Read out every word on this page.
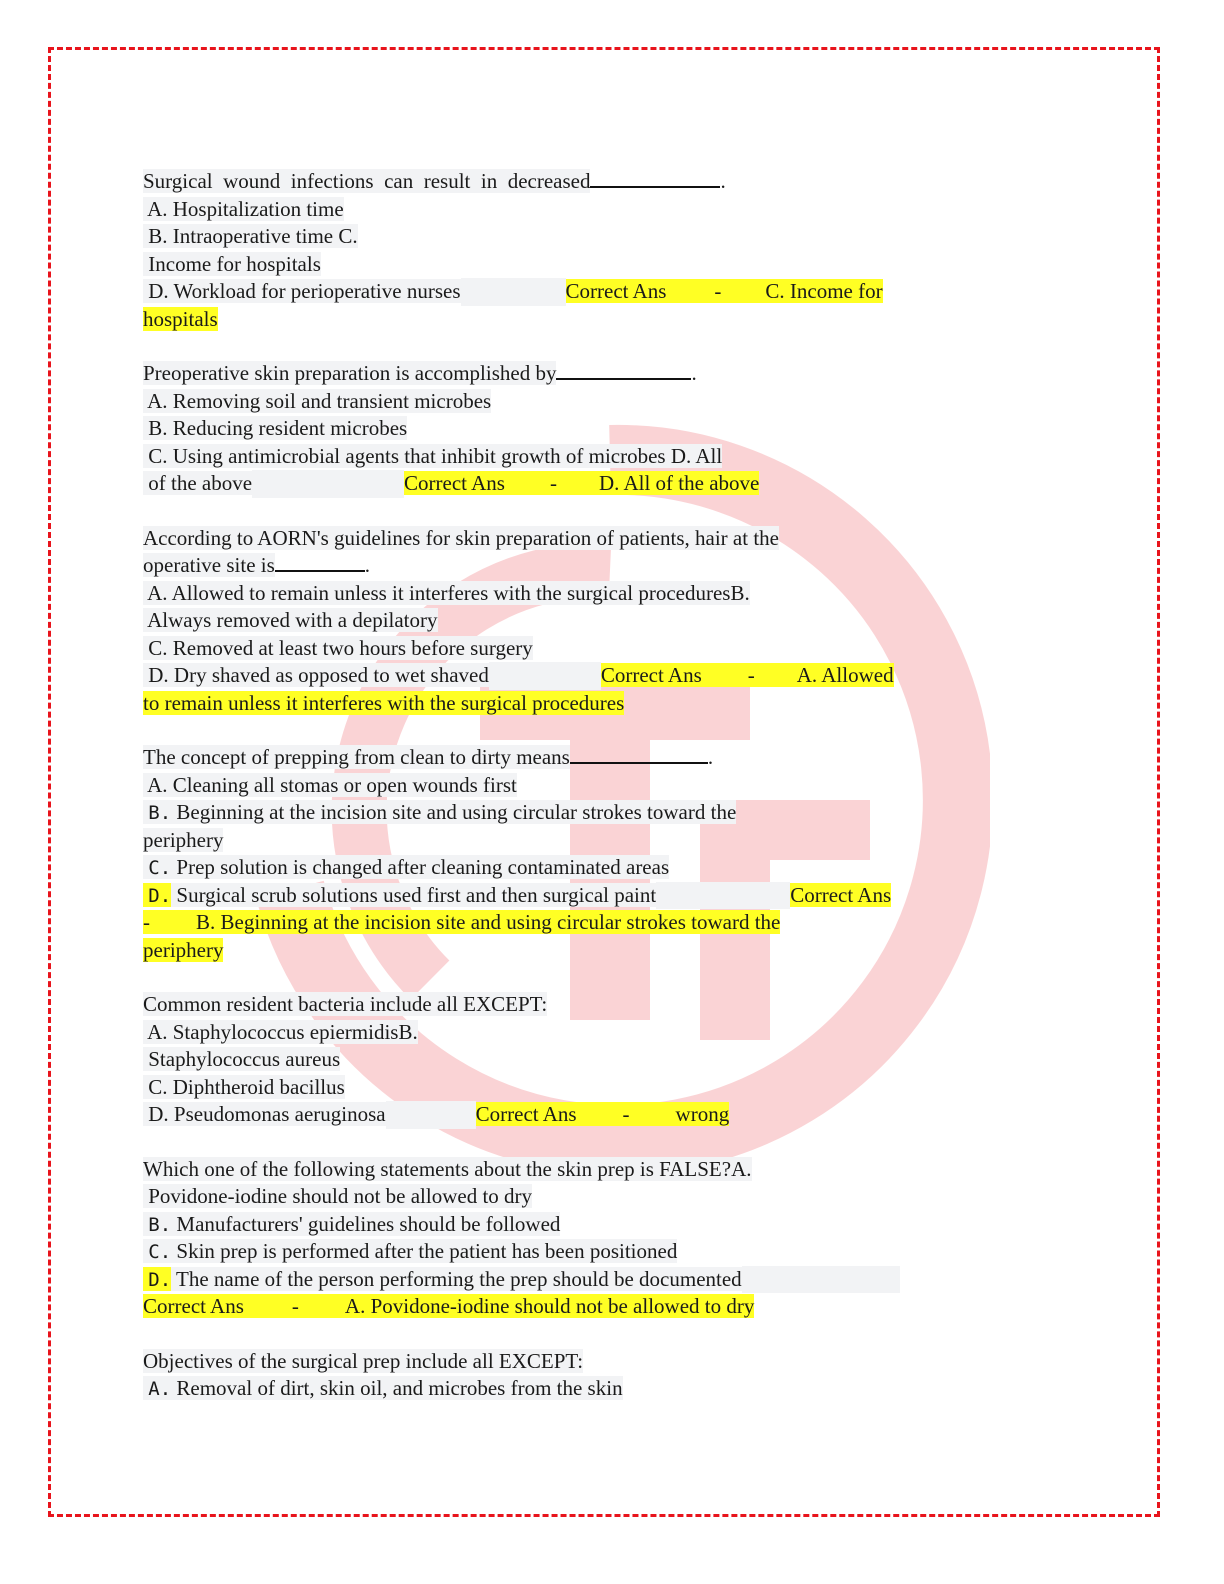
Surgical  wound  infections  can  result  in  decreased	.
A. Hospitalization time
B. Intraoperative time C.
Income for hospitals
D. Workload for perioperative nurses	Correct Ans - C. Income for
hospitals
Preoperative skin preparation is accomplished by	.
A. Removing soil and transient microbes
B. Reducing resident microbes
C. Using antimicrobial agents that inhibit growth of microbes D. All
of the above	Correct Ans - D. All of the above
According to AORN's guidelines for skin preparation of patients, hair at the
operative site is	.
A. Allowed to remain unless it interferes with the surgical proceduresB.
Always removed with a depilatory
C. Removed at least two hours before surgery
D. Dry shaved as opposed to wet shaved	Correct Ans - A. Allowed
to remain unless it interferes with the surgical procedures
The concept of prepping from clean to dirty means	.
A. Cleaning all stomas or open wounds first
B. Beginning at the incision site and using circular strokes toward the
periphery
C. Prep solution is changed after cleaning contaminated areas
D. Surgical scrub solutions used first and then surgical paint	Correct Ans
- B. Beginning at the incision site and using circular strokes toward the
periphery
Common resident bacteria include all EXCEPT:
A. Staphylococcus epiermidisB.
Staphylococcus aureus
C. Diphtheroid bacillus
D. Pseudomonas aeruginosa	Correct Ans - wrong
Which one of the following statements about the skin prep is FALSE?A.
Povidone-iodine should not be allowed to dry
B. Manufacturers' guidelines should be followed
C. Skin prep is performed after the patient has been positioned
D. The name of the person performing the prep should be documented
Correct Ans - A. Povidone-iodine should not be allowed to dry
Objectives of the surgical prep include all EXCEPT:
A. Removal of dirt, skin oil, and microbes from the skin
